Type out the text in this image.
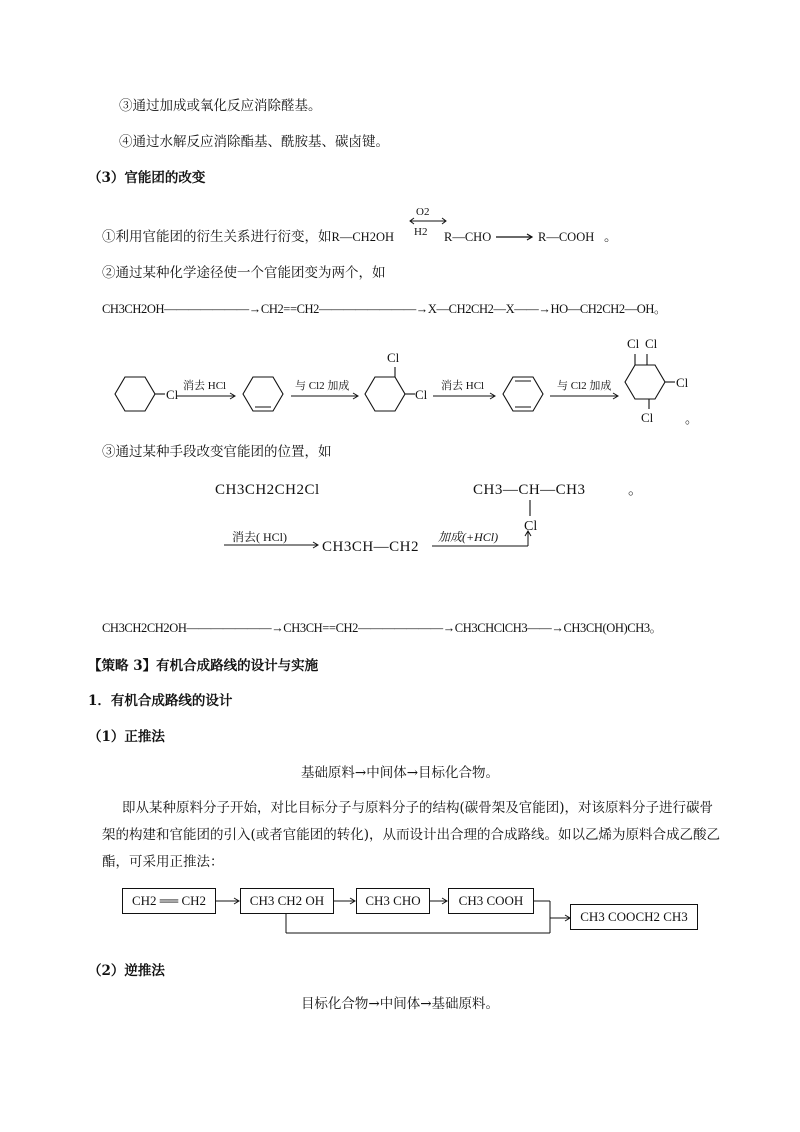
③通过加成或氧化反应消除醛基。
④通过水解反应消除酯基、酰胺基、碳卤键。
（3）官能团的改变
①利用官能团的衍生关系进行衍变，如R—CH2OH
O2
H2 R—CHO	R—COOH 。
②通过某种化学途径使一个官能团变为两个，如
CH3CH2OH———————→CH2==CH2————————→X—CH2CH2—X——→HO—CH2CH2—OH。
Cl
消去 HCl	与 Cl2 加成
Cl
Cl
消去 HCl	与 Cl2 加成
Cl Cl
Cl
Cl 。
③通过某种手段改变官能团的位置，如
CH3CH2CH2Cl	CH3—CH—CH3	。
Cl
消去( HCl)
CH3CH—CH2
加成(+HCl)
CH3CH2CH2OH———————→CH3CH==CH2———————→CH3CHClCH3——→CH3CH(OH)CH3。
【策略 3】有机合成路线的设计与实施
1．有机合成路线的设计
（1）正推法
基础原料→中间体→目标化合物。
即从某种原料分子开始，对比目标分子与原料分子的结构(碳骨架及官能团)，对该原料分子进行碳骨
架的构建和官能团的引入(或者官能团的转化)，从而设计出合理的合成路线。如以乙烯为原料合成乙酸乙
酯，可采用正推法：
CH2 ══ CH2	CH3 CH2 OH	CH3 CHO	CH3 COOH
CH3 COOCH2 CH3
（2）逆推法
目标化合物→中间体→基础原料。
